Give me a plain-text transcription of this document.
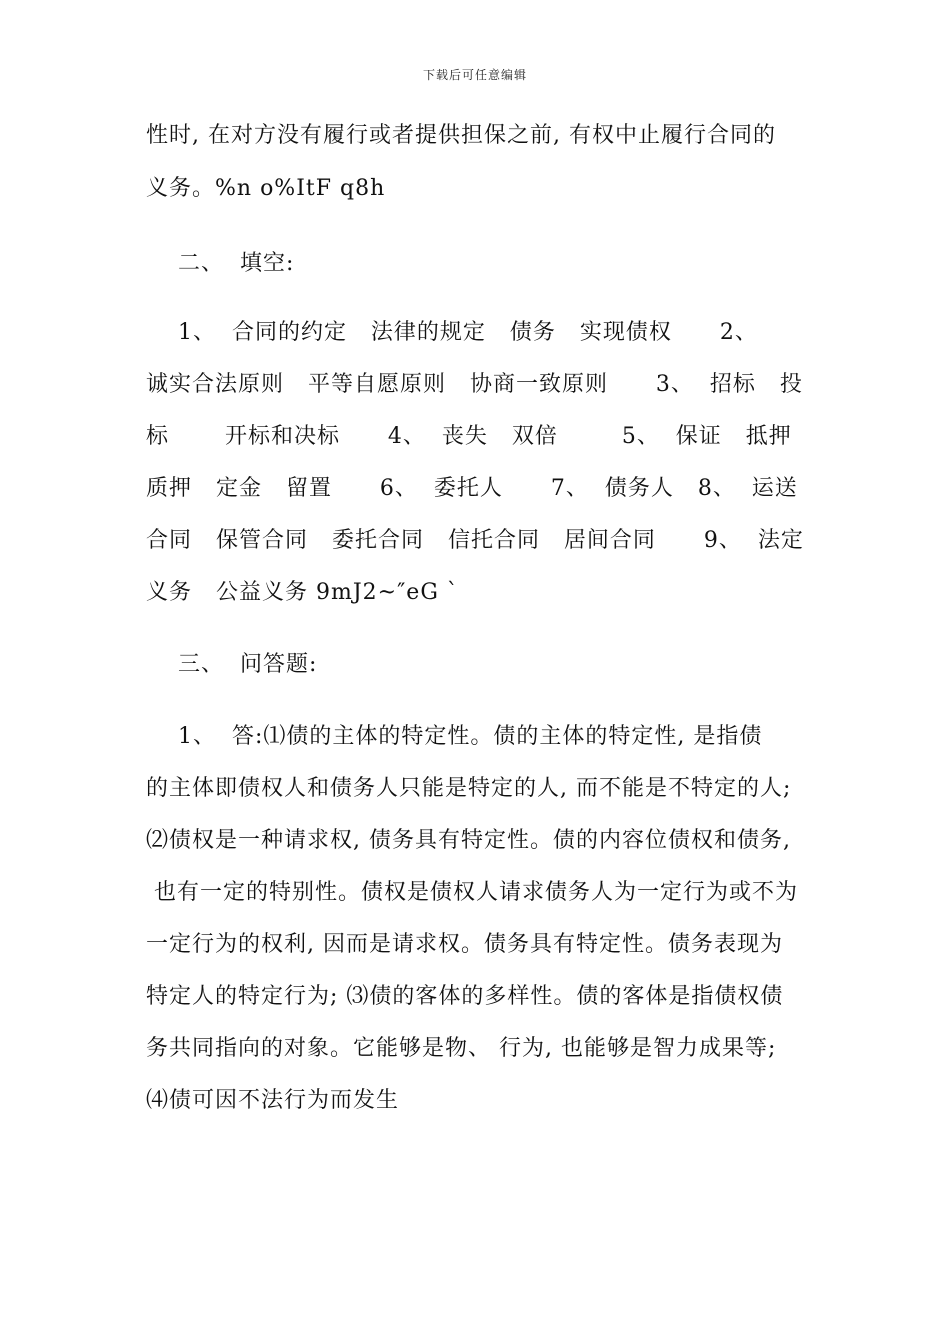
下载后可任意编辑
性时, 在对方没有履行或者提供担保之前, 有权中止履行合同的
义务。%n o%ItF q8h
二、  填空:
1、  合同的约定   法律的规定   债务   实现债权      2、
诚实合法原则   平等自愿原则   协商一致原则      3、  招标   投
标       开标和决标      4、  丧失   双倍        5、  保证   抵押
质押   定金   留置      6、  委托人      7、  债务人   8、  运送
合同   保管合同   委托合同   信托合同   居间合同      9、  法定
义务   公益义务 9mJ2~″eG `
三、  问答题:
1、  答:⑴债的主体的特定性。债的主体的特定性, 是指债
的主体即债权人和债务人只能是特定的人, 而不能是不特定的人;
⑵债权是一种请求权, 债务具有特定性。债的内容位债权和债务,
也有一定的特别性。债权是债权人请求债务人为一定行为或不为
一定行为的权利, 因而是请求权。债务具有特定性。债务表现为
特定人的特定行为; ⑶债的客体的多样性。债的客体是指债权债
务共同指向的对象。它能够是物、 行为, 也能够是智力成果等;
⑷债可因不法行为而发生
